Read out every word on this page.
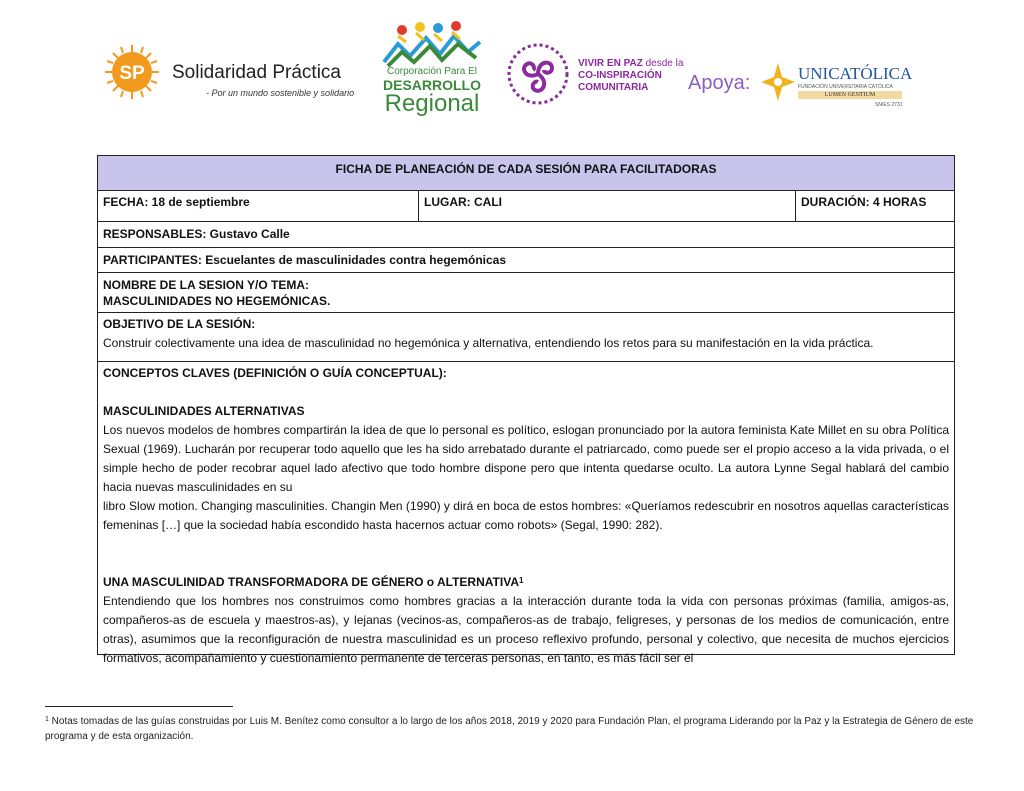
SP Solidaridad Práctica
- Por un mundo sostenible y solidario
Corporación Para El
DESARROLLO
Regional
VIVIR EN PAZ desde la
CO-INSPIRACIÓN
COMUNITARIA	Apoya:	UNICATÓLICA
FUNDACIÓN UNIVERSITARIA CATÓLICA
LUMEN GENTIUM
SNIES 2731
FICHA DE PLANEACIÓN DE CADA SESIÓN PARA FACILITADORAS
FECHA: 18 de septiembre	LUGAR: CALI	DURACIÓN: 4 HORAS
RESPONSABLES: Gustavo Calle
PARTICIPANTES: Escuelantes de masculinidades contra hegemónicas
NOMBRE DE LA SESION Y/O TEMA:
MASCULINIDADES NO HEGEMÓNICAS.
OBJETIVO DE LA SESIÓN:
Construir colectivamente una idea de masculinidad no hegemónica y alternativa, entendiendo los retos para su manifestación en la vida práctica.

CONCEPTOS CLAVES (DEFINICIÓN O GUÍA CONCEPTUAL):

MASCULINIDADES ALTERNATIVAS

Los nuevos modelos de hombres compartirán la idea de que lo personal es político, eslogan pronunciado por la autora feminista Kate Millet en su obra Política Sexual (1969). Lucharán por recuperar todo aquello que les ha sido arrebatado durante el patriarcado, como puede ser el propio acceso a la vida privada, o el simple hecho de poder recobrar aquel lado afectivo que todo hombre dispone pero que intenta quedarse oculto. La autora Lynne Segal hablará del cambio hacia nuevas masculinidades en su

libro Slow motion. Changing masculinities. Changin Men (1990) y dirá en boca de estos hombres: «Queríamos redescubrir en nosotros aquellas características femeninas […] que la sociedad había escondido hasta hacernos actuar como robots» (Segal, 1990: 282).

UNA MASCULINIDAD TRANSFORMADORA DE GÉNERO o ALTERNATIVA$^1$

Entendiendo que los hombres nos construimos como hombres gracias a la interacción durante toda la vida con personas próximas (familia, amigos-as, compañeros-as de escuela y maestros-as), y lejanas (vecinos-as, compañeros-as de trabajo, feligreses, y personas de los medios de comunicación, entre otras), asumimos que la reconfiguración de nuestra masculinidad es un proceso reflexivo profundo, personal y colectivo, que necesita de muchos ejercicios formativos, acompañamiento y cuestionamiento permanente de terceras personas, en tanto, es más fácil ser el

$^1$ Notas tomadas de las guías construidas por Luis M. Benítez como consultor a lo largo de los años 2018, 2019 y 2020 para Fundación Plan, el programa Liderando por la Paz y la Estrategia de Género de este programa y de esta organización.
